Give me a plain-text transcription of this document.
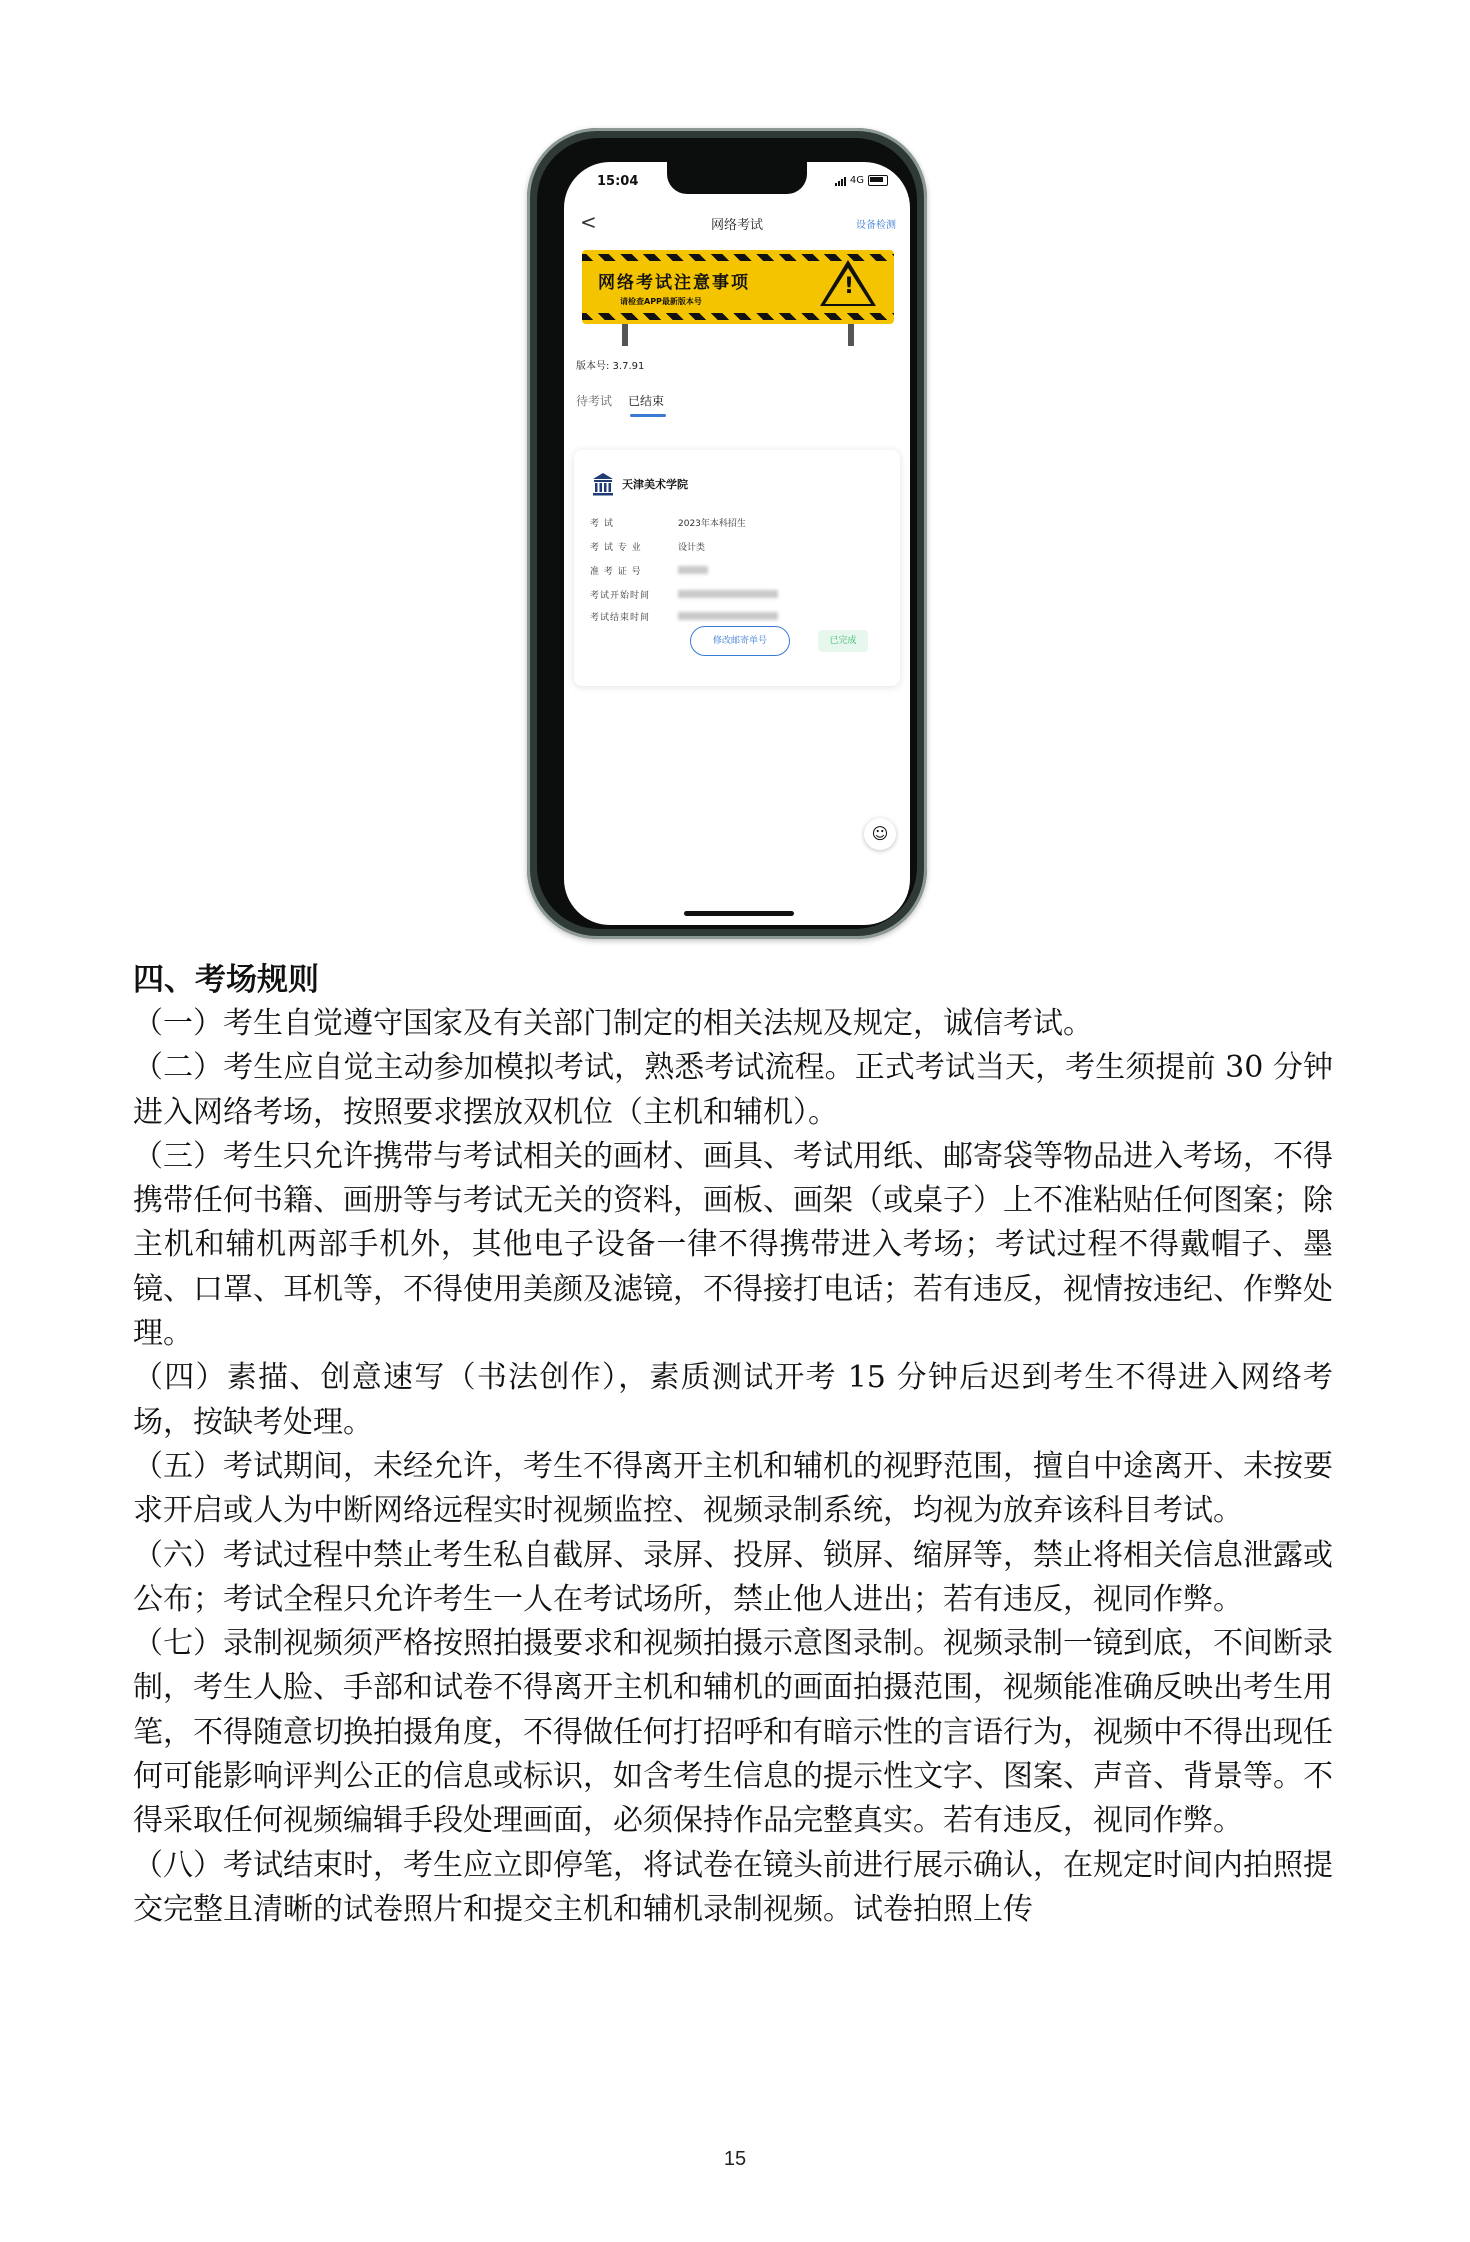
15:04	4G
<	网络考试	设备检测
网络考试注意事项
请检查APP最新版本号
!
版本号: 3.7.91
待考试 已结束
天津美术学院
考 试	2023年本科招生
考 试 专 业	设计类
准 考 证 号
考试开始时间
考试结束时间
修改邮寄单号	已完成
☺

四、考场规则

（一）考生自觉遵守国家及有关部门制定的相关法规及规定，诚信考试。

（二）考生应自觉主动参加模拟考试，熟悉考试流程。正式考试当天，考生须提前 30 分钟进入网络考场，按照要求摆放双机位（主机和辅机）。

（三）考生只允许携带与考试相关的画材、画具、考试用纸、邮寄袋等物品进入考场，不得携带任何书籍、画册等与考试无关的资料，画板、画架（或桌子）上不准粘贴任何图案；除主机和辅机两部手机外，其他电子设备一律不得携带进入考场；考试过程不得戴帽子、墨镜、口罩、耳机等，不得使用美颜及滤镜，不得接打电话；若有违反，视情按违纪、作弊处理。

（四）素描、创意速写（书法创作），素质测试开考 15 分钟后迟到考生不得进入网络考场，按缺考处理。

（五）考试期间，未经允许，考生不得离开主机和辅机的视野范围，擅自中途离开、未按要求开启或人为中断网络远程实时视频监控、视频录制系统，均视为放弃该科目考试。

（六）考试过程中禁止考生私自截屏、录屏、投屏、锁屏、缩屏等，禁止将相关信息泄露或公布；考试全程只允许考生一人在考试场所，禁止他人进出；若有违反，视同作弊。

（七）录制视频须严格按照拍摄要求和视频拍摄示意图录制。视频录制一镜到底，不间断录制，考生人脸、手部和试卷不得离开主机和辅机的画面拍摄范围，视频能准确反映出考生用笔，不得随意切换拍摄角度，不得做任何打招呼和有暗示性的言语行为，视频中不得出现任何可能影响评判公正的信息或标识，如含考生信息的提示性文字、图案、声音、背景等。不得采取任何视频编辑手段处理画面，必须保持作品完整真实。若有违反，视同作弊。

（八）考试结束时，考生应立即停笔，将试卷在镜头前进行展示确认，在规定时间内拍照提交完整且清晰的试卷照片和提交主机和辅机录制视频。试卷拍照上传

15
